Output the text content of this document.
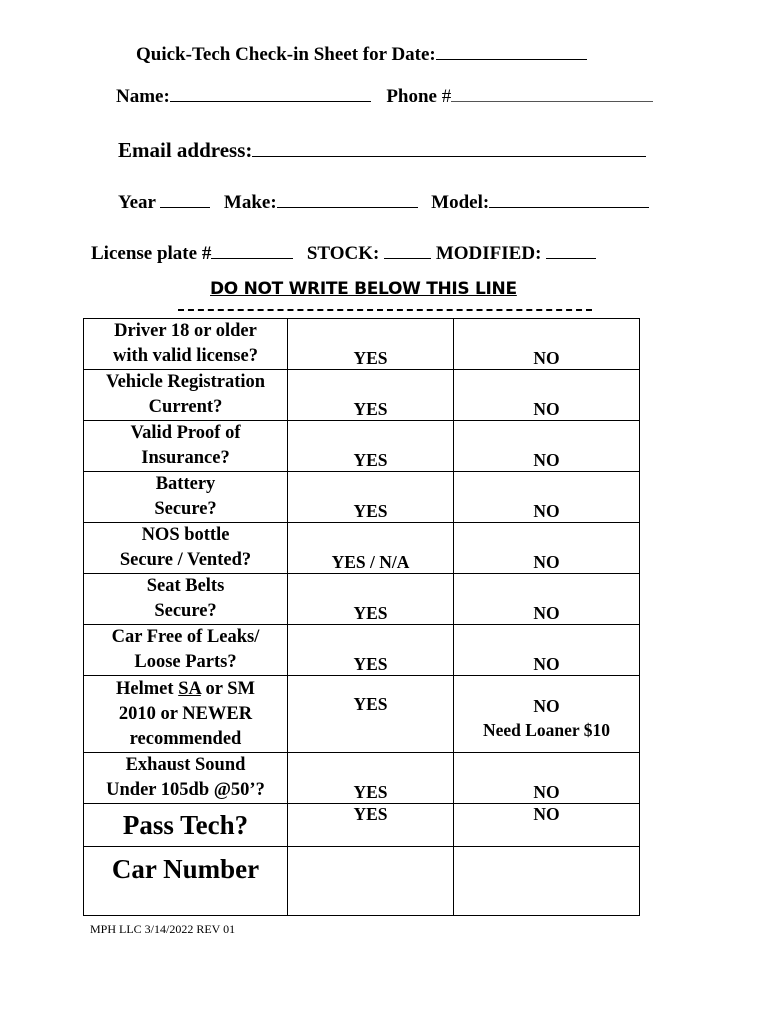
Quick-Tech Check-in Sheet for Date:
Name:	Phone #
Email address:
Year	Make:	Model:
License plate #	STOCK:	MODIFIED:
DO NOT WRITE BELOW THIS LINE
Driver 18 or older
with valid license?	YES	NO
Vehicle Registration
Current?	YES	NO
Valid Proof of
Insurance?	YES	NO
Battery
Secure?	YES	NO
NOS bottle
Secure / Vented?	YES / N/A	NO
Seat Belts
Secure?	YES	NO
Car Free of Leaks/
Loose Parts?	YES	NO
Helmet SA or SM
2010 or NEWER
recommended	YES	NO
Need Loaner $10
Exhaust Sound
Under 105db @50’?	YES	NO
Pass Tech?	YES	NO
Car Number		
MPH LLC 3/14/2022 REV 01
